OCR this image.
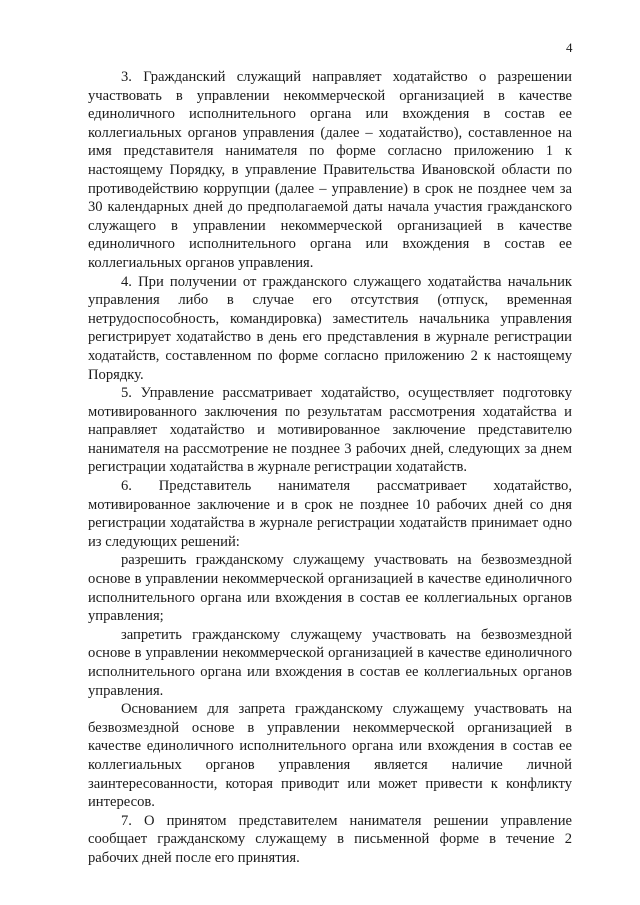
4

3. Гражданский служащий направляет ходатайство о разрешении участвовать в управлении некоммерческой организацией в качестве единоличного исполнительного органа или вхождения в состав ее коллегиальных органов управления (далее – ходатайство), составленное на имя представителя нанимателя по форме согласно приложению 1 к настоящему Порядку, в управление Правительства Ивановской области по противодействию коррупции (далее – управление) в срок не позднее чем за 30 календарных дней до предполагаемой даты начала участия гражданского служащего в управлении некоммерческой организацией в качестве единоличного исполнительного органа или вхождения в состав ее коллегиальных органов управления.

4. При получении от гражданского служащего ходатайства начальник управления либо в случае его отсутствия (отпуск, временная нетрудоспособность, командировка) заместитель начальника управления регистрирует ходатайство в день его представления в журнале регистрации ходатайств, составленном по форме согласно приложению 2 к настоящему Порядку.

5. Управление рассматривает ходатайство, осуществляет подготовку мотивированного заключения по результатам рассмотрения ходатайства и направляет ходатайство и мотивированное заключение представителю нанимателя на рассмотрение не позднее 3 рабочих дней, следующих за днем регистрации ходатайства в журнале регистрации ходатайств.

6. Представитель нанимателя рассматривает ходатайство, мотивированное заключение и в срок не позднее 10 рабочих дней со дня регистрации ходатайства в журнале регистрации ходатайств принимает одно из следующих решений:

разрешить гражданскому служащему участвовать на безвозмездной основе в управлении некоммерческой организацией в качестве единоличного исполнительного органа или вхождения в состав ее коллегиальных органов управления;

запретить гражданскому служащему участвовать на безвозмездной основе в управлении некоммерческой организацией в качестве единоличного исполнительного органа или вхождения в состав ее коллегиальных органов управления.

Основанием для запрета гражданскому служащему участвовать на безвозмездной основе в управлении некоммерческой организацией в качестве единоличного исполнительного органа или вхождения в состав ее коллегиальных органов управления является наличие личной заинтересованности, которая приводит или может привести к конфликту интересов.

7. О принятом представителем нанимателя решении управление сообщает гражданскому служащему в письменной форме в течение 2 рабочих дней после его принятия.
